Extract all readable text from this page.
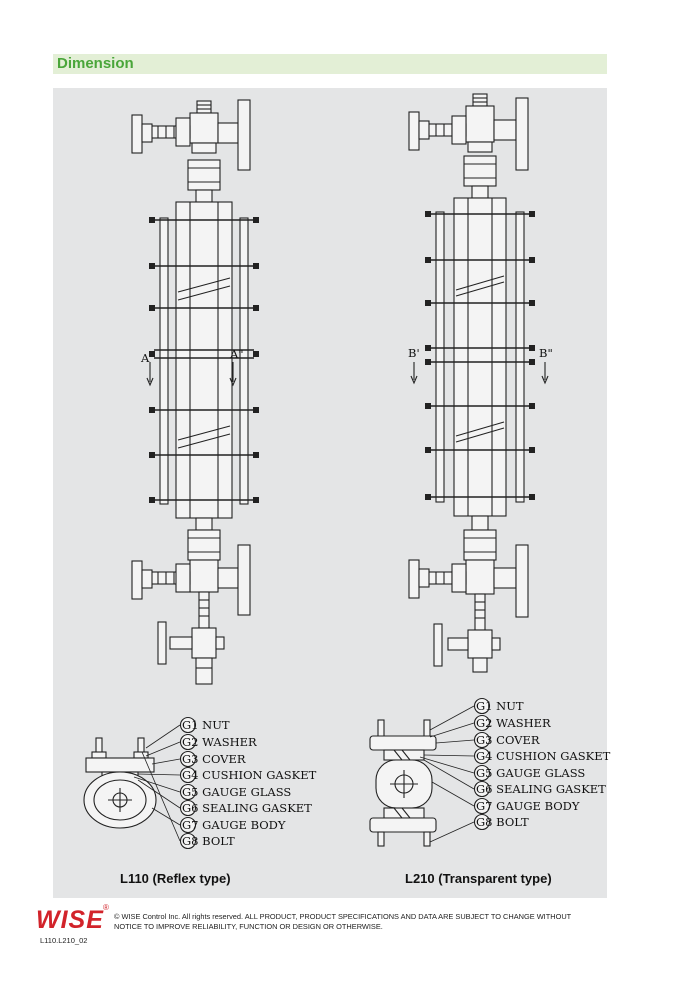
Dimension
A	A"	B'	B"
G1 NUT
G2 WASHER
G3 COVER
G4 CUSHION GASKET
G5 GAUGE GLASS
G6 SEALING GASKET
G7 GAUGE BODY
G8 BOLT
G1 NUT
G2 WASHER
G3 COVER
G4 CUSHION GASKET
G5 GAUGE GLASS
G6 SEALING GASKET
G7 GAUGE BODY
G8 BOLT
L110 (Reflex type)	L210 (Transparent type)
WISE ®
© WISE Control Inc. All rights reserved. ALL PRODUCT, PRODUCT SPECIFICATIONS AND DATA ARE SUBJECT TO CHANGE WITHOUT NOTICE TO IMPROVE RELIABILITY, FUNCTION OR DESIGN OR OTHERWISE.
L110.L210_02
